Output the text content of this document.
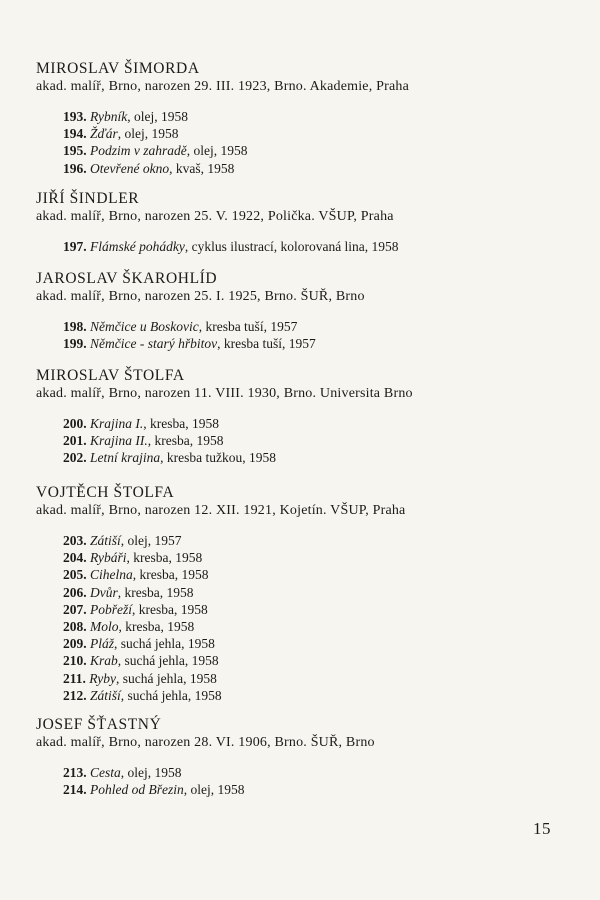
MIROSLAV ŠIMORDA
akad. malíř, Brno, narozen 29. III. 1923, Brno. Akademie, Praha
193. Rybník, olej, 1958
194. Žďár, olej, 1958
195. Podzim v zahradě, olej, 1958
196. Otevřené okno, kvaš, 1958
JIŘÍ ŠINDLER
akad. malíř, Brno, narozen 25. V. 1922, Polička. VŠUP, Praha
197. Flámské pohádky, cyklus ilustrací, kolorovaná lina, 1958
JAROSLAV ŠKAROHLÍD
akad. malíř, Brno, narozen 25. I. 1925, Brno. ŠUŘ, Brno
198. Němčice u Boskovic, kresba tuší, 1957
199. Němčice - starý hřbitov, kresba tuší, 1957
MIROSLAV ŠTOLFA
akad. malíř, Brno, narozen 11. VIII. 1930, Brno. Universita Brno
200. Krajina I., kresba, 1958
201. Krajina II., kresba, 1958
202. Letní krajina, kresba tužkou, 1958
VOJTĚCH ŠTOLFA
akad. malíř, Brno, narozen 12. XII. 1921, Kojetín. VŠUP, Praha
203. Zátiší, olej, 1957
204. Rybáři, kresba, 1958
205. Cihelna, kresba, 1958
206. Dvůr, kresba, 1958
207. Pobřeží, kresba, 1958
208. Molo, kresba, 1958
209. Pláž, suchá jehla, 1958
210. Krab, suchá jehla, 1958
211. Ryby, suchá jehla, 1958
212. Zátiší, suchá jehla, 1958
JOSEF ŠŤASTNÝ
akad. malíř, Brno, narozen 28. VI. 1906, Brno. ŠUŘ, Brno
213. Cesta, olej, 1958
214. Pohled od Březin, olej, 1958
15
